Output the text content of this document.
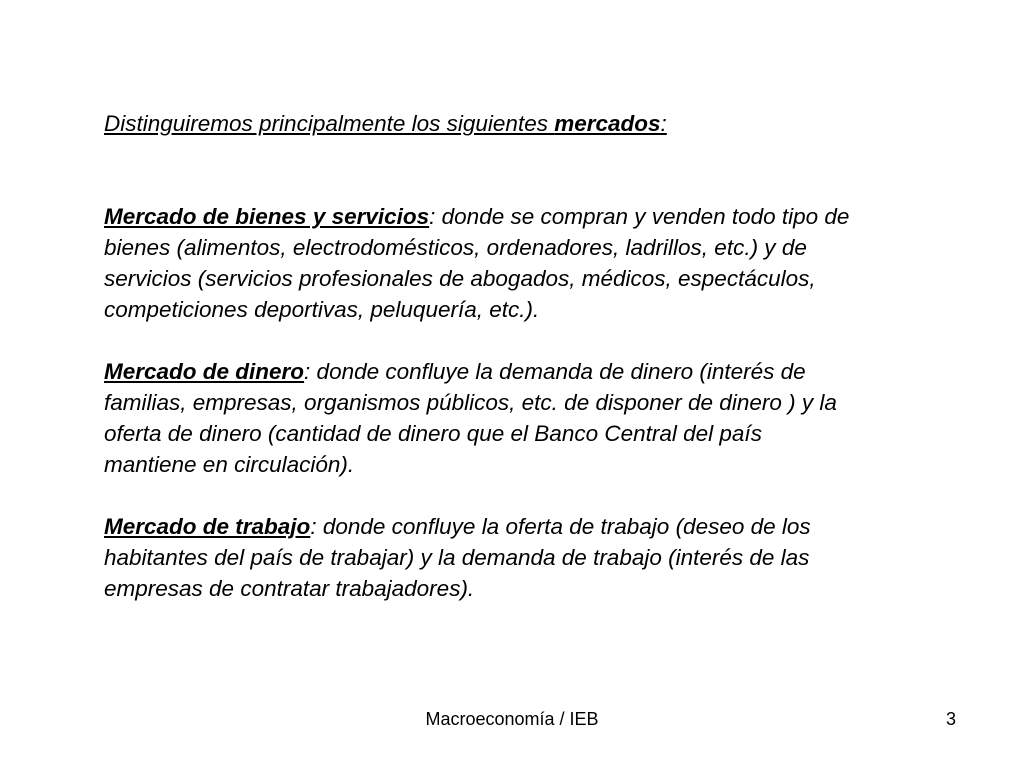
Distinguiremos principalmente los siguientes mercados:

Mercado de bienes y servicios: donde se compran y venden todo tipo de
bienes (alimentos, electrodomésticos, ordenadores, ladrillos, etc.) y de
servicios (servicios profesionales de abogados, médicos, espectáculos,
competiciones deportivas, peluquería, etc.).
Mercado de dinero: donde confluye la demanda de dinero (interés de
familias, empresas, organismos públicos, etc. de disponer de dinero ) y la
oferta de dinero (cantidad de dinero que el Banco Central del país
mantiene en circulación).
Mercado de trabajo: donde confluye la oferta de trabajo (deseo de los
habitantes del país de trabajar) y la demanda de trabajo (interés de las
empresas de contratar trabajadores).
Macroeconomía / IEB	3
